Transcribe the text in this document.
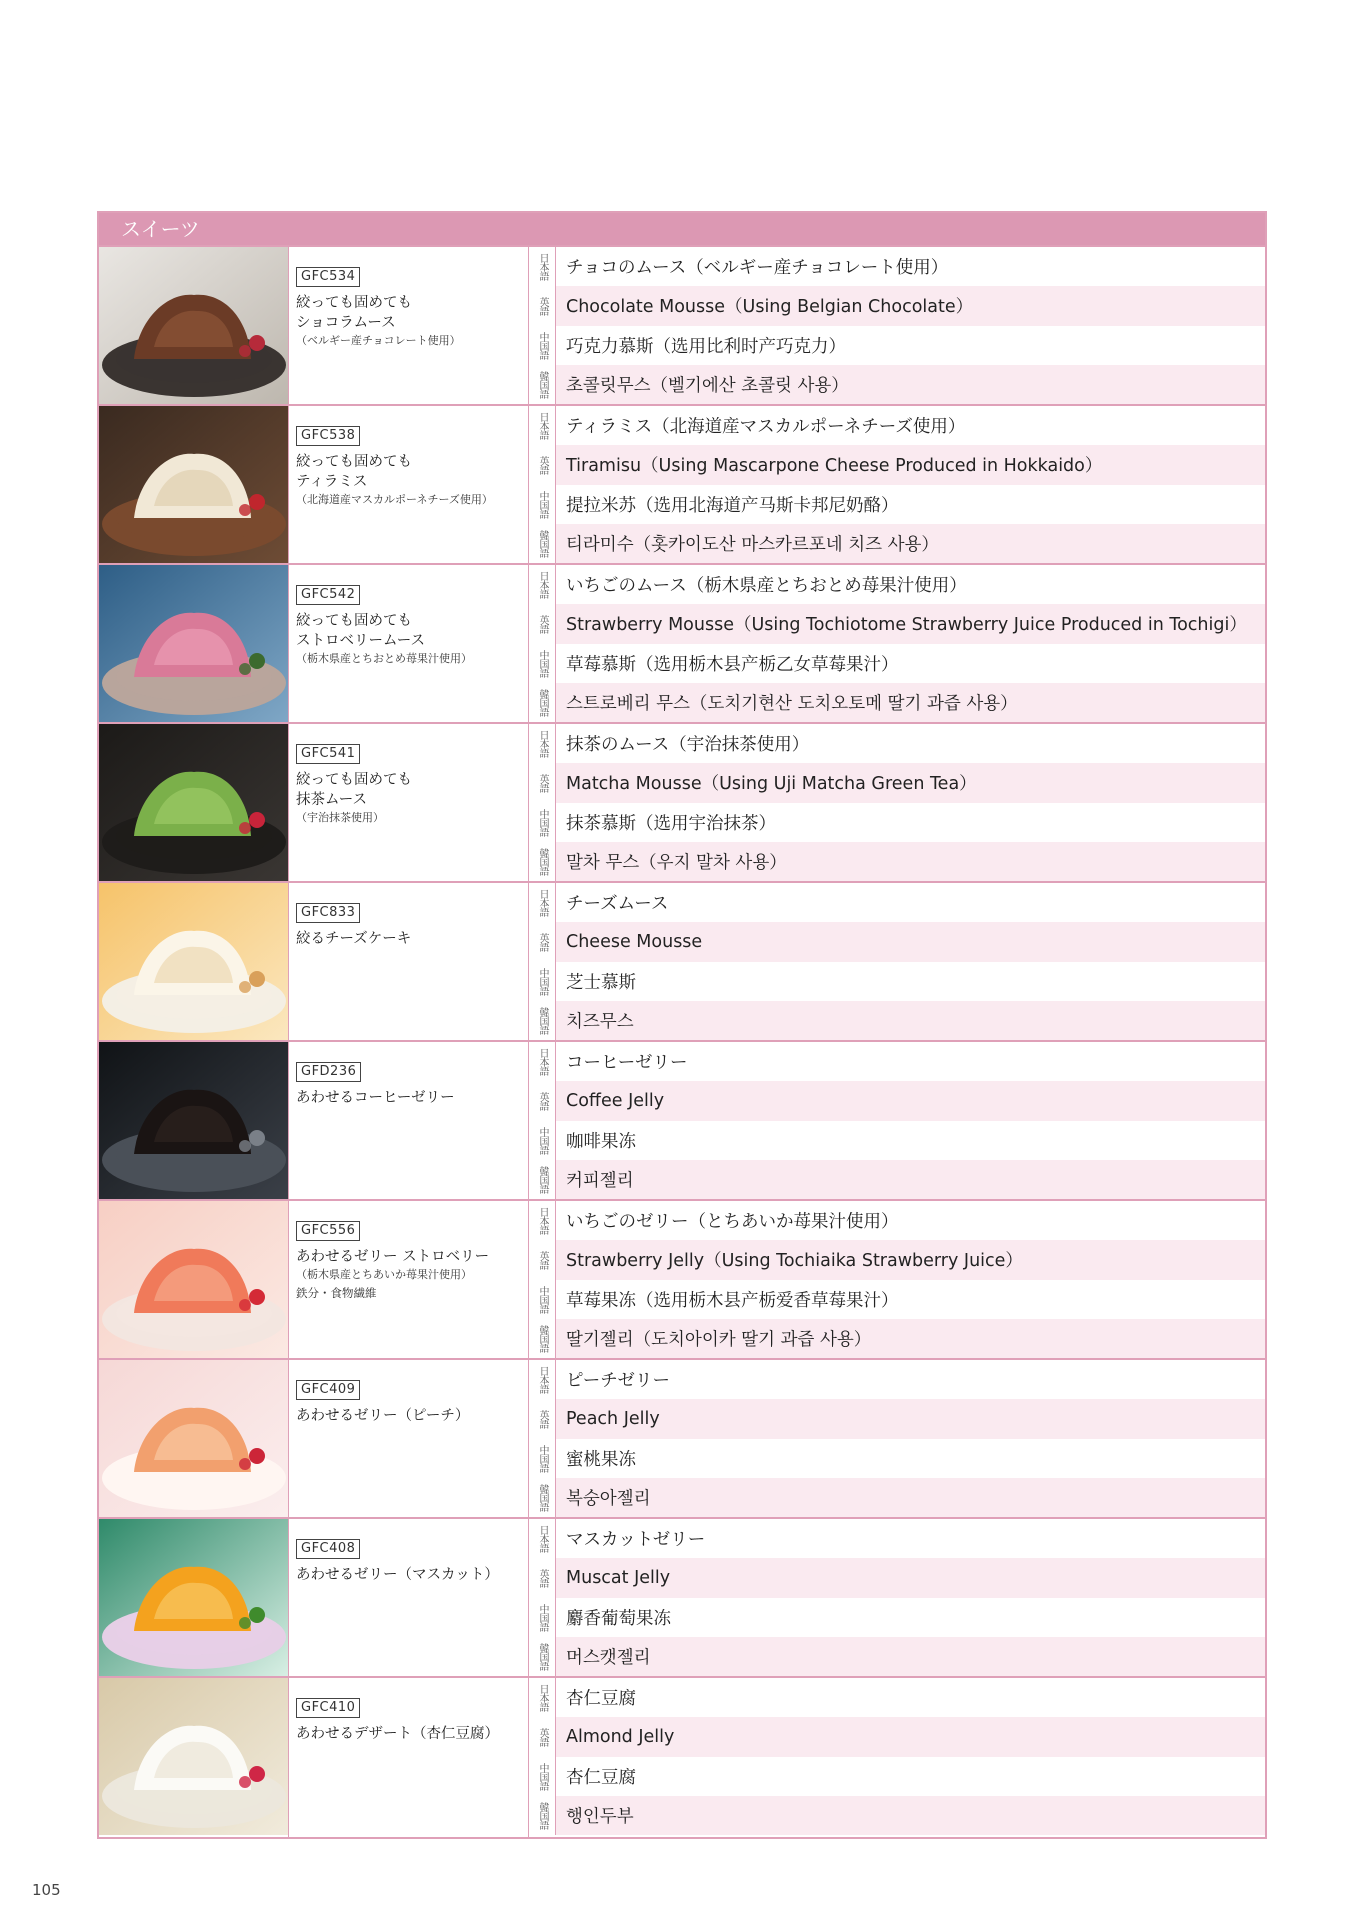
スイーツ
GFC534
絞っても固めても
ショコラムース
（ベルギー産チョコレート使用）
日本語	チョコのムース（ベルギー産チョコレート使用）
英語	Chocolate Mousse（Using Belgian Chocolate）
中国語	巧克力慕斯（选用比利时产巧克力）
韓国語	초콜릿무스（벨기에산 초콜릿 사용）
GFC538
絞っても固めても
ティラミス
（北海道産マスカルポーネチーズ使用）
日本語	ティラミス（北海道産マスカルポーネチーズ使用）
英語	Tiramisu（Using Mascarpone Cheese Produced in Hokkaido）
中国語	提拉米苏（选用北海道产马斯卡邦尼奶酪）
韓国語	티라미수（홋카이도산 마스카르포네 치즈 사용）
GFC542
絞っても固めても
ストロベリームース
（栃木県産とちおとめ苺果汁使用）
日本語	いちごのムース（栃木県産とちおとめ苺果汁使用）
英語	Strawberry Mousse（Using Tochiotome Strawberry Juice Produced in Tochigi）
中国語	草莓慕斯（选用栃木县产栃乙女草莓果汁）
韓国語	스트로베리 무스（도치기현산 도치오토메 딸기 과즙 사용）
GFC541
絞っても固めても
抹茶ムース
（宇治抹茶使用）
日本語	抹茶のムース（宇治抹茶使用）
英語	Matcha Mousse（Using Uji Matcha Green Tea）
中国語	抹茶慕斯（选用宇治抹茶）
韓国語	말차 무스（우지 말차 사용）
GFC833
絞るチーズケーキ
日本語	チーズムース
英語	Cheese Mousse
中国語	芝士慕斯
韓国語	치즈무스
GFD236
あわせるコーヒーゼリー
日本語	コーヒーゼリー
英語	Coffee Jelly
中国語	咖啡果冻
韓国語	커피젤리
GFC556
あわせるゼリー ストロベリー
（栃木県産とちあいか苺果汁使用）
鉄分・食物繊維
日本語	いちごのゼリー（とちあいか苺果汁使用）
英語	Strawberry Jelly（Using Tochiaika Strawberry Juice）
中国語	草莓果冻（选用栃木县产栃爱香草莓果汁）
韓国語	딸기젤리（도치아이카 딸기 과즙 사용）
GFC409
あわせるゼリー（ピーチ）
日本語	ピーチゼリー
英語	Peach Jelly
中国語	蜜桃果冻
韓国語	복숭아젤리
GFC408
あわせるゼリー（マスカット）
日本語	マスカットゼリー
英語	Muscat Jelly
中国語	麝香葡萄果冻
韓国語	머스캣젤리
GFC410
あわせるデザート（杏仁豆腐）
日本語	杏仁豆腐
英語	Almond Jelly
中国語	杏仁豆腐
韓国語	행인두부
105
